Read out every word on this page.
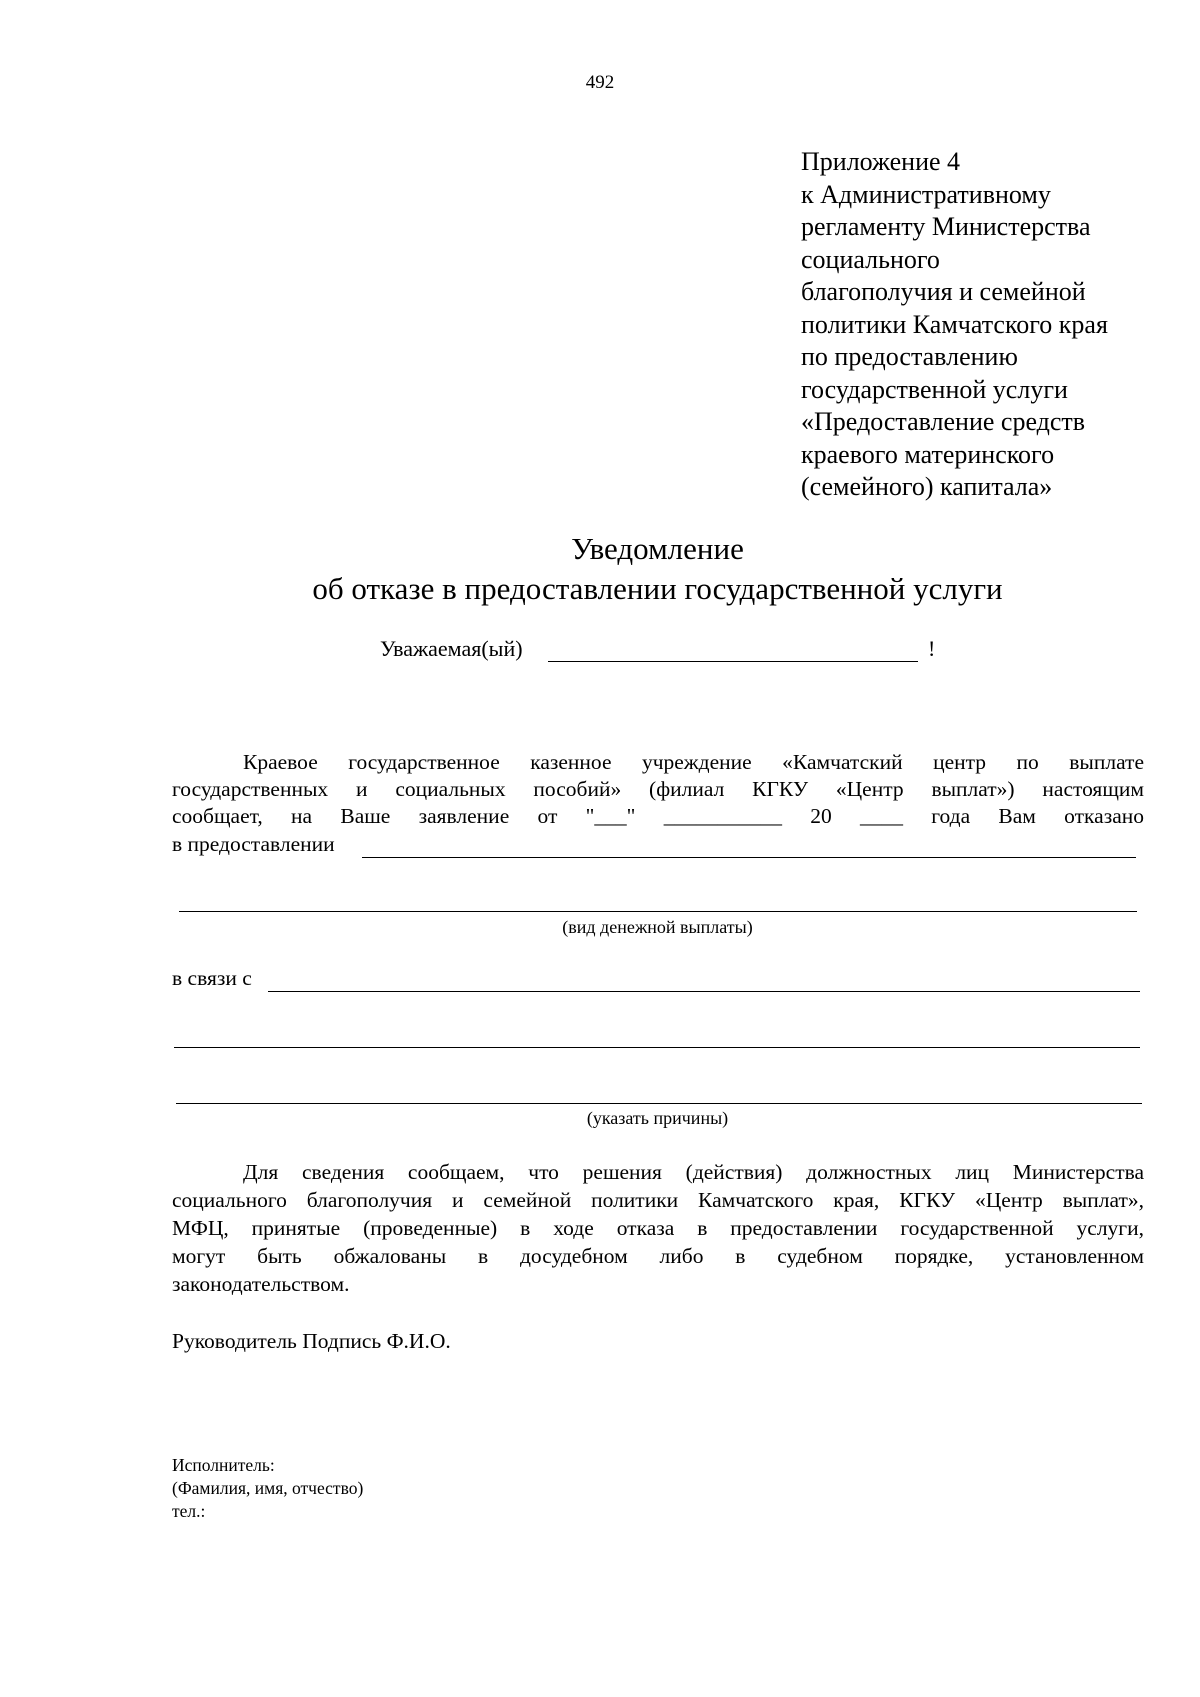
492
Приложение 4
к Административному
регламенту Министерства
социального
благополучия и семейной
политики Камчатского края
по предоставлению
государственной услуги
«Предоставление средств
краевого материнского
(семейного) капитала»
Уведомление
об отказе в предоставлении государственной услуги
Уважаемая(ый)	!
Краевое государственное казенное учреждение «Камчатский центр по выплате
государственных и социальных пособий» (филиал КГКУ «Центр выплат») настоящим
сообщает, на Ваше заявление от "___" ___________ 20 ____ года Вам отказано
в предоставлении
(вид денежной выплаты)
в связи с
(указать причины)
Для сведения сообщаем, что решения (действия) должностных лиц Министерства
социального благополучия и семейной политики Камчатского края, КГКУ «Центр выплат»,
МФЦ, принятые (проведенные) в ходе отказа в предоставлении государственной услуги,
могут быть обжалованы в досудебном либо в судебном порядке, установленном
законодательством.
Руководитель Подпись Ф.И.О.
Исполнитель:
(Фамилия, имя, отчество)
тел.:
